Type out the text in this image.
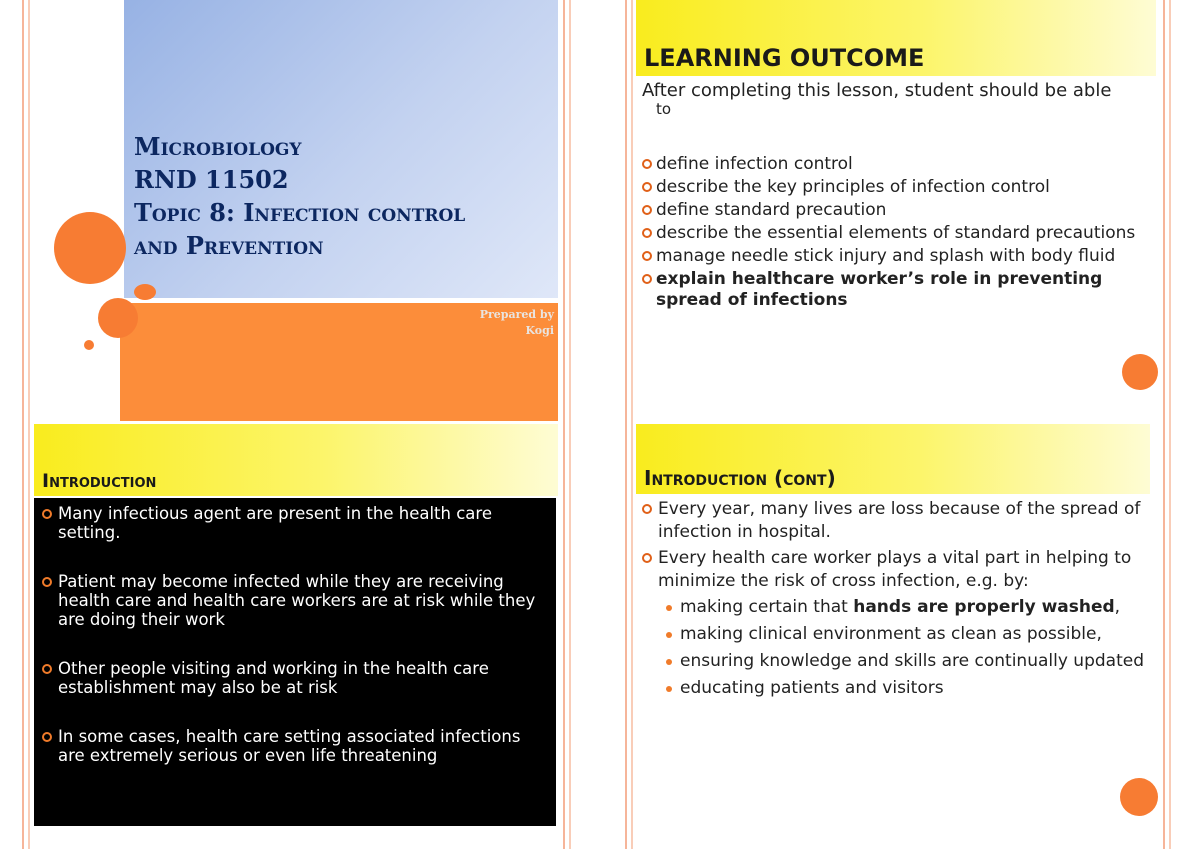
Microbiology
RND 11502
Topic 8: Infection control
and Prevention
Prepared by
Kogi
LEARNING OUTCOME
After completing this lesson, student should be able
to
define infection control
describe the key principles of infection control
define standard precaution
describe the essential elements of standard precautions
manage needle stick injury and splash with body fluid
explain healthcare worker’s role in preventing spread of infections
Introduction
Many infectious agent are present in the health care setting.
Patient may become infected while they are receiving health care and health care workers are at risk while they are doing their work
Other people visiting and working in the health care establishment may also be at risk
In some cases, health care setting associated infections are extremely serious or even life threatening
Introduction (cont)
Every year, many lives are loss because of the spread of infection in hospital.
Every health care worker plays a vital part in helping to minimize the risk of cross infection, e.g. by:
making certain that hands are properly washed,
making clinical environment as clean as possible,
ensuring knowledge and skills are continually updated
educating patients and visitors
